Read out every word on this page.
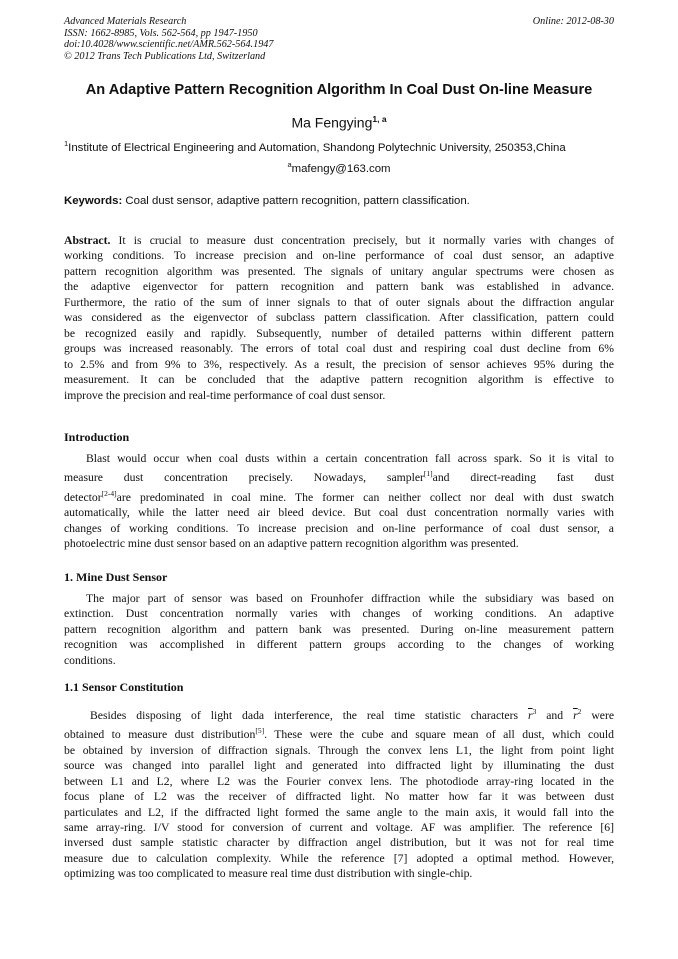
Advanced Materials Research
ISSN: 1662-8985, Vols. 562-564, pp 1947-1950
doi:10.4028/www.scientific.net/AMR.562-564.1947
© 2012 Trans Tech Publications Ltd, Switzerland
Online: 2012-08-30
An Adaptive Pattern Recognition Algorithm In Coal Dust On-line Measure
Ma Fengying$^{1, a}$
$^1$Institute of Electrical Engineering and Automation, Shandong Polytechnic University, 250353,China
$^a$mafengy@163.com
Keywords: Coal dust sensor, adaptive pattern recognition, pattern classification.
Abstract. It is crucial to measure dust concentration precisely, but it normally varies with changes of
working conditions. To increase precision and on-line performance of coal dust sensor, an adaptive
pattern recognition algorithm was presented. The signals of unitary angular spectrums were chosen as
the adaptive eigenvector for pattern recognition and pattern bank was established in advance.
Furthermore, the ratio of the sum of inner signals to that of outer signals about the diffraction angular
was considered as the eigenvector of subclass pattern classification. After classification, pattern could
be recognized easily and rapidly. Subsequently, number of detailed patterns within different pattern
groups was increased reasonably. The errors of total coal dust and respiring coal dust decline from 6%
to 2.5% and from 9% to 3%, respectively. As a result, the precision of sensor achieves 95% during the
measurement. It can be concluded that the adaptive pattern recognition algorithm is effective to
improve the precision and real-time performance of coal dust sensor.
Introduction
Blast would occur when coal dusts within a certain concentration fall across spark. So it is vital to
measure dust concentration precisely. Nowadays, sampler[1]and direct-reading fast dust
detector[2-4]are predominated in coal mine. The former can neither collect nor deal with dust swatch
automatically, while the latter need air bleed device. But coal dust concentration normally varies with
changes of working conditions. To increase precision and on-line performance of coal dust sensor, a
photoelectric mine dust sensor based on an adaptive pattern recognition algorithm was presented.
1. Mine Dust Sensor
The major part of sensor was based on Frounhofer diffraction while the subsidiary was based on
extinction. Dust concentration normally varies with changes of working conditions. An adaptive
pattern recognition algorithm and pattern bank was presented. During on-line measurement pattern
recognition was accomplished in different pattern groups according to the changes of working
conditions.
1.1 Sensor Constitution
Besides disposing of light dada interference, the real time statistic characters $\overline{r}^3$ and $\overline{r}^2$ were
obtained to measure dust distribution[5]. These were the cube and square mean of all dust, which could
be obtained by inversion of diffraction signals. Through the convex lens L1, the light from point light
source was changed into parallel light and generated into diffracted light by illuminating the dust
between L1 and L2, where L2 was the Fourier convex lens. The photodiode array-ring located in the
focus plane of L2 was the receiver of diffracted light. No matter how far it was between dust
particulates and L2, if the diffracted light formed the same angle to the main axis, it would fall into the
same array-ring. I/V stood for conversion of current and voltage. AF was amplifier. The reference [6]
inversed dust sample statistic character by diffraction angel distribution, but it was not for real time
measure due to calculation complexity. While the reference [7] adopted a optimal method. However,
optimizing was too complicated to measure real time dust distribution with single-chip.
